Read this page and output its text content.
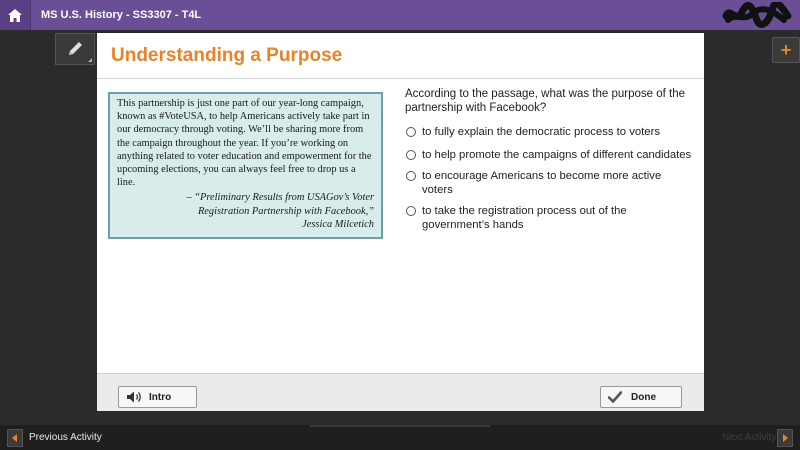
MS U.S. History - SS3307 - T4L
+
Understanding a Purpose
This partnership is just one part of our year-long campaign, known as #VoteUSA, to help Americans actively take part in our democracy through voting. We’ll be sharing more from the campaign throughout the year. If you’re working on anything related to voter education and empowerment for the upcoming elections, you can always feel free to drop us a line.
– “Preliminary Results from USAGov’s Voter
Registration Partnership with Facebook,”
Jessica Milcetich
According to the passage, what was the purpose of the partnership with Facebook?
to fully explain the democratic process to voters
to help promote the campaigns of different candidates
to encourage Americans to become more active voters
to take the registration process out of the government’s hands
Intro	Done
Previous Activity	Next Activity
